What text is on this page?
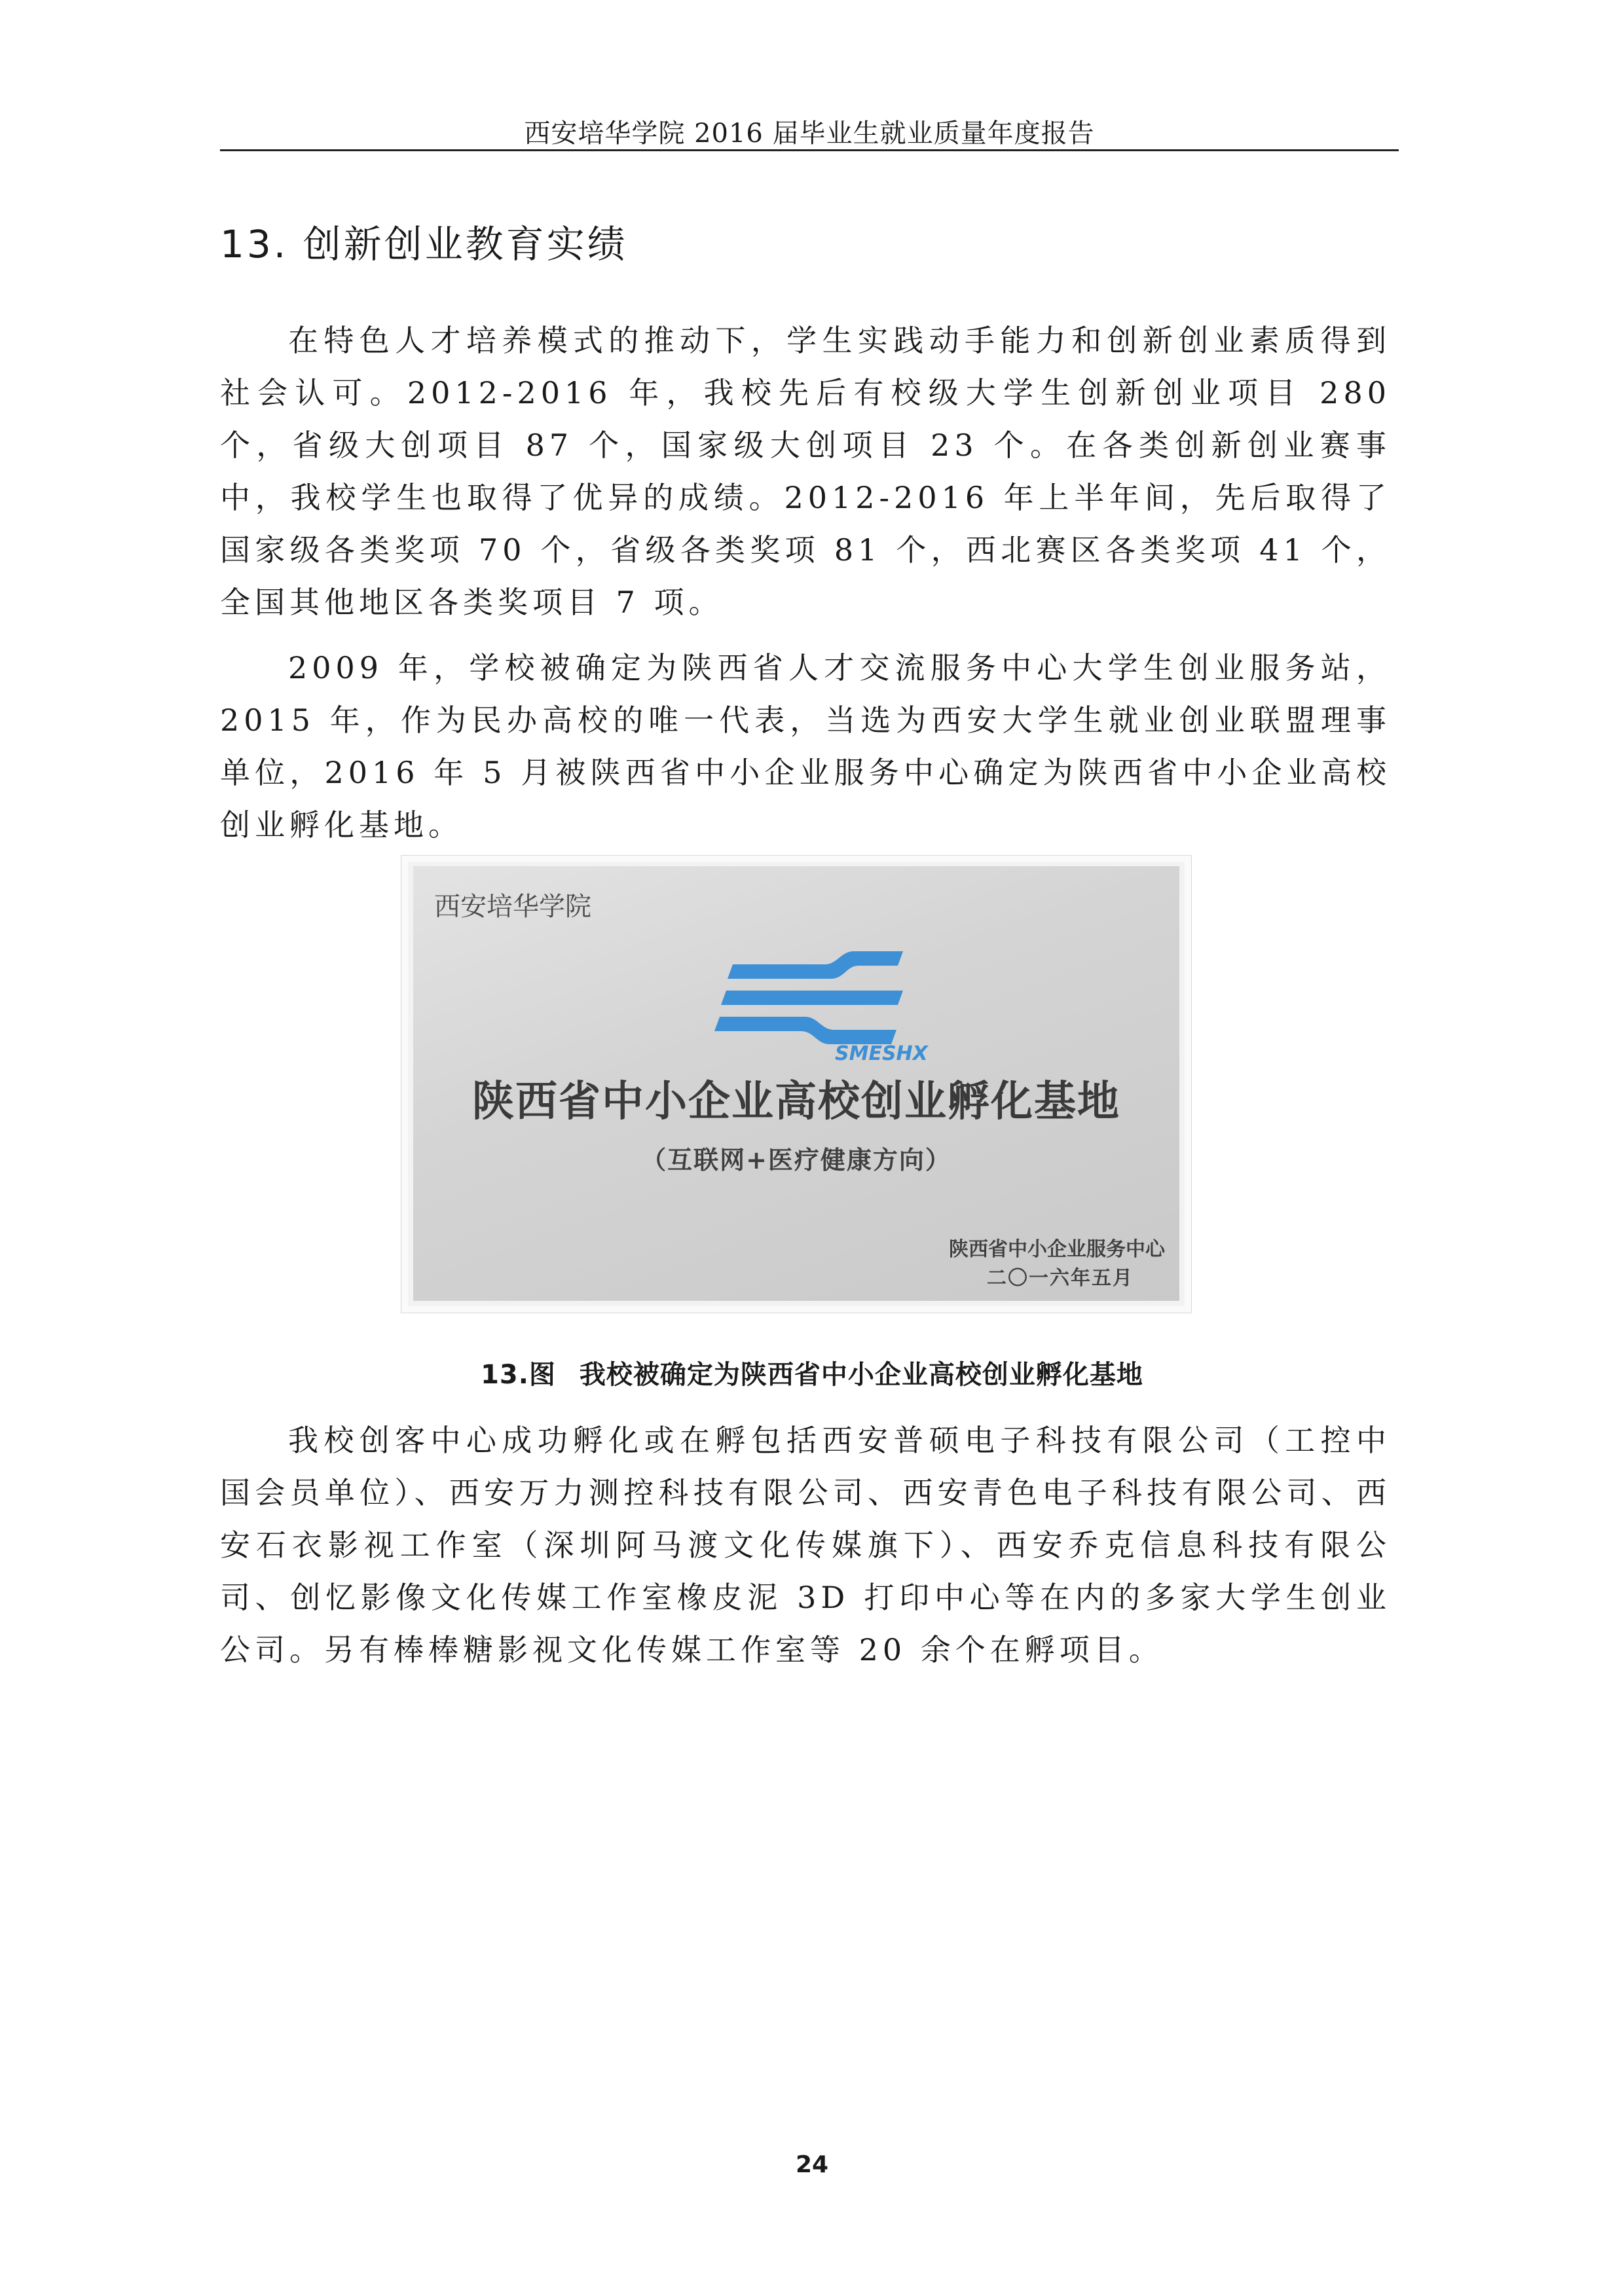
西安培华学院 2016 届毕业生就业质量年度报告
13. 创新创业教育实绩

在特色人才培养模式的推动下，学生实践动手能力和创新创业素质得到社会认可。2012-2016 年，我校先后有校级大学生创新创业项目 280 个，省级大创项目 87 个，国家级大创项目 23 个。在各类创新创业赛事中，我校学生也取得了优异的成绩。2012-2016 年上半年间，先后取得了国家级各类奖项 70 个，省级各类奖项 81 个，西北赛区各类奖项 41 个，全国其他地区各类奖项目 7 项。

2009 年，学校被确定为陕西省人才交流服务中心大学生创业服务站，2015 年，作为民办高校的唯一代表，当选为西安大学生就业创业联盟理事单位，2016 年 5 月被陕西省中小企业服务中心确定为陕西省中小企业高校创业孵化基地。

西安培华学院
SMESHX
陕西省中小企业高校创业孵化基地
（互联网+医疗健康方向）
陕西省中小企业服务中心
二〇一六年五月
13.图 我校被确定为陕西省中小企业高校创业孵化基地

我校创客中心成功孵化或在孵包括西安普硕电子科技有限公司（工控中国会员单位）、西安万力测控科技有限公司、西安青色电子科技有限公司、西安石衣影视工作室（深圳阿马渡文化传媒旗下）、西安乔克信息科技有限公司、创忆影像文化传媒工作室橡皮泥 3D 打印中心等在内的多家大学生创业公司。另有棒棒糖影视文化传媒工作室等 20 余个在孵项目。

24
